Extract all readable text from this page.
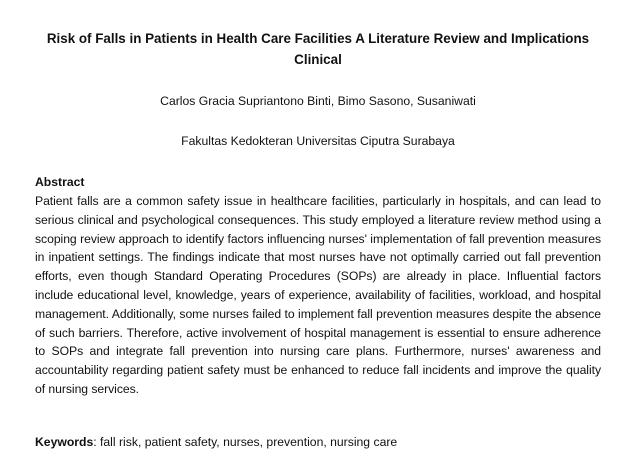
Risk of Falls in Patients in Health Care Facilities A Literature Review and Implications Clinical
Carlos Gracia Supriantono Binti, Bimo Sasono, Susaniwati
Fakultas Kedokteran Universitas Ciputra Surabaya
Abstract
Patient falls are a common safety issue in healthcare facilities, particularly in hospitals, and can lead to serious clinical and psychological consequences. This study employed a literature review method using a scoping review approach to identify factors influencing nurses' implementation of fall prevention measures in inpatient settings. The findings indicate that most nurses have not optimally carried out fall prevention efforts, even though Standard Operating Procedures (SOPs) are already in place. Influential factors include educational level, knowledge, years of experience, availability of facilities, workload, and hospital management. Additionally, some nurses failed to implement fall prevention measures despite the absence of such barriers. Therefore, active involvement of hospital management is essential to ensure adherence to SOPs and integrate fall prevention into nursing care plans. Furthermore, nurses' awareness and accountability regarding patient safety must be enhanced to reduce fall incidents and improve the quality of nursing services.
Keywords: fall risk, patient safety, nurses, prevention, nursing care
